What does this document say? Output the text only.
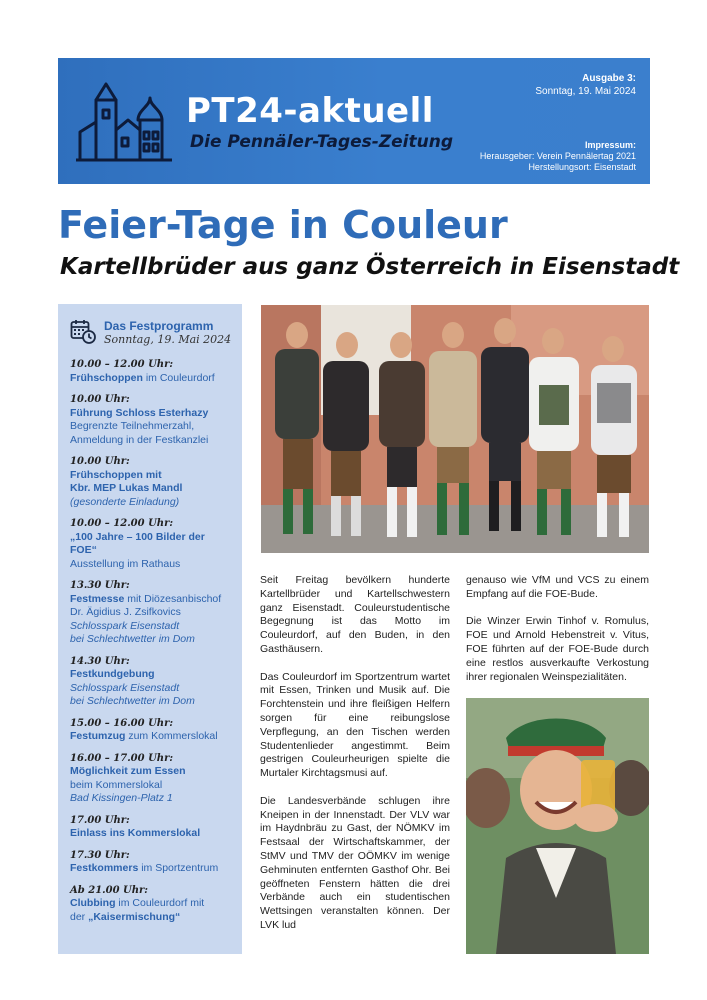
PT24-aktuell
Die Pennäler-Tages-Zeitung
Ausgabe 3:
Sonntag, 19. Mai 2024
Impressum:
Herausgeber: Verein Pennälertag 2021
Herstellungsort: Eisenstadt
Feier-Tage in Couleur
Kartellbrüder aus ganz Österreich in Eisenstadt
Das Festprogramm
Sonntag, 19. Mai 2024
10.00 – 12.00 Uhr:
Frühschoppen im Couleurdorf
10.00 Uhr:
Führung Schloss Esterhazy
Begrenzte Teilnehmerzahl,
Anmeldung in der Festkanzlei
10.00 Uhr:
Frühschoppen mit
Kbr. MEP Lukas Mandl
(gesonderte Einladung)
10.00 – 12.00 Uhr:
„100 Jahre – 100 Bilder der
FOE“
Ausstellung im Rathaus
13.30 Uhr:
Festmesse mit Diözesanbischof
Dr. Ägidius J. Zsifkovics
Schlosspark Eisenstadt
bei Schlechtwetter im Dom
14.30 Uhr:
Festkundgebung
Schlosspark Eisenstadt
bei Schlechtwetter im Dom
15.00 – 16.00 Uhr:
Festumzug zum Kommerslokal
16.00 – 17.00 Uhr:
Möglichkeit zum Essen
beim Kommerslokal
Bad Kissingen-Platz 1
17.00 Uhr:
Einlass ins Kommerslokal
17.30 Uhr:
Festkommers im Sportzentrum
Ab 21.00 Uhr:
Clubbing im Couleurdorf mit
der „Kaisermischung“

Seit Freitag bevölkern hunderte Kartellbrüder und Kartellschwestern ganz Eisenstadt. Couleurstudentische Begegnung ist das Motto im Couleurdorf, auf den Buden, in den Gasthäusern.

Das Couleurdorf im Sportzentrum wartet mit Essen, Trinken und Musik auf. Die Forchtenstein und ihre fleißigen Helfern sorgen für eine reibungslose Verpflegung, an den Tischen werden Studentenlieder angestimmt. Beim gestrigen Couleurheurigen spielte die Murtaler Kirchtagsmusi auf.

Die Landesverbände schlugen ihre Kneipen in der Innenstadt. Der VLV war im Haydnbräu zu Gast, der NÖMKV im Festsaal der Wirtschaftskammer, der StMV und TMV der OÖMKV im wenige Gehminuten entfernten Gasthof Ohr. Bei geöffneten Fenstern hätten die drei Verbände auch ein studentischen Wettsingen veranstalten können. Der LVK lud

genauso wie VfM und VCS zu einem Empfang auf die FOE-Bude.

Die Winzer Erwin Tinhof v. Romulus, FOE und Arnold Hebenstreit v. Vitus, FOE führten auf der FOE-Bude durch eine restlos ausverkaufte Verkostung ihrer regionalen Weinspezialitäten.
